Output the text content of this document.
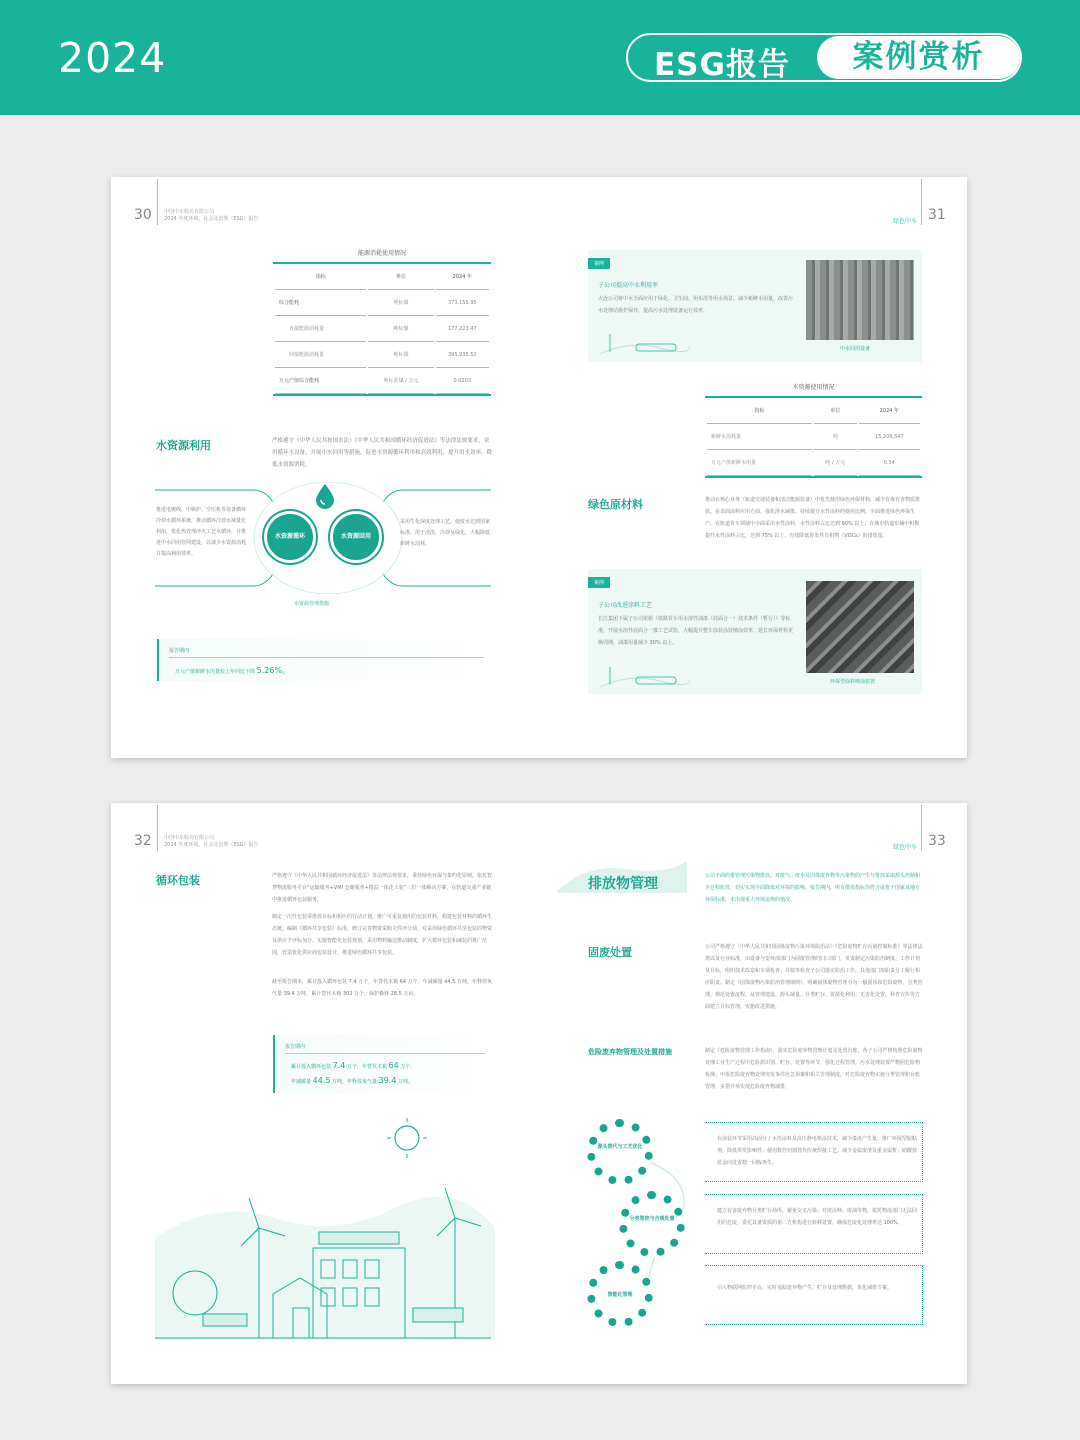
2024	ESG报告	案例赏析
30 中国中车股份有限公司
2024 年度环境、社会及治理（ESG）报告
能源消耗使用情况
指标	单位	2024 年
综合能耗	吨标煤	373,155.95
直接能源消耗量	吨标煤	177,223.47
间接能源消耗量	吨标煤	395,935.52
万元产值综合能耗	吨标准煤 / 万元	0.0203
水资源利用	严格遵守《中华人民共和国水法》《中华人民共和国循环经济促进法》等法律法规要求，采用循环水设备，开展中水回用等措施，促进水资源循环利用和高效利用，提升用水效率，降低水资源消耗。
推进电镀线、中频炉、空压机等设备循环冷却水循环系统，推动循环冷却水减量化利用，优化热处理淬火工艺水循环，并推进中水回用管网建设，以减少水资源消耗并提高利用效率。
水资源循环	水资源回用
采用生化深度处理工艺，使废水达到国家标准，用于清洗、冷却及绿化，大幅降低新鲜水消耗。
水资源管理措施
报告期内
万元产值新鲜水用量较上年同比下降 5.26%。
31
绿色中车
案例
子公司提高中水利用率
大连公司将中水全面应用于绿化、卫生间、用布洗等用水场景，减少新鲜水用量，改善污水处理站维护保养，提高污水处理设备运行效率。
中水回用设备
水资源使用情况
指标	单位	2024 年
新鲜水消耗量	吨	15,209,547
万元产值新鲜水用量	吨 / 万元	0.54
绿色原材料	推动在核心业务（轨道交通装备和清洁能源装备）中优先使用绿色环保材料，减少有毒有害物质排放。在表面涂料应用方面，强化涉水减排，持续提升水性涂料的使用比例，全面推进绿色环保生产。在轨道货车领域中全面采用水性涂料，水性涂料占比达到 90% 以上；在城市轨道车辆中积极提升水性涂料占比，达到 75% 以上，有效降低挥发性有机物（VOCs）的排放量。
案例
子公司改进涂料工艺
长江集团下属子公司依据《铁路货车用水溶性油漆（底面合一）技术条件（暂行）》等标准，开展水溶性底面合一漆工艺试验，大幅提升整车涂装涂装喷涂效率，延长环保材料更换周期，油漆用量减少 30% 以上。
环保型涂料喷涂装置
32 中国中车股份有限公司
2024 年度环境、社会及治理（ESG）报告
循环包装	严格遵守《中华人民共和国循环经济促进法》等法律法规要求，秉持绿色环保与集约化原则，依托智慧物流服务平台“运输服务+VMI 仓储服务+精益一体化工装”三位一体解决方案，在轨道交通产业链中推进循环包装服务。
制定一次性包装零排放目标和相应的行动计划，推广可重复使用的包装材料，构建包装材料的循环生态链。编制《循环共享包装》标准，修订完善物资采购文件评分项，对采用绿色循环共享包装的物资及供应予评标加分。实施智能化包装规划，采用物料输送推动制度，扩大循环包装和减装的推广范围，营造优化供应商包装设计，推进绿色循环共享包装。
截至报告期末，累计投入循环包装 7.4 万个，年替代木箱 64 万个，年减碳量 44.5 万吨，年释放氧气量 39.4 万吨，累计替代木箱 302 万个，保护森林 28.5 万亩。
报告期内
累计投入循环包装 7.4 万个，年替代木箱 64 万个，
年减碳量 44.5 万吨，年释放氧气量 39.4 万吨。
33
绿色中车
排放物管理	公司全面的重管理污染物排放，对废气、废水及固体废弃物等污染物的产生与排放采取源头控制和全过程监管，切实实现全面降低对环境的影响，报告期内，所有排放指标均符合或优于国家及地方环保标准，未出现重大环境违规的情况。
固废处置	公司严格遵守《中华人民共和国固体废物污染环境防治法》《危险废物贮存污染控制标准》等法律法规以及行业标准，由设备与安环部部门为固废管理的归口部门，负责制定污染防治制度、工作计划及目标，组织技术改造和专项检查；并按等检查子公司落实防治工作，其他部门按职责分工履行相应职责。制定《固体废物污染防治管理细则》，明确固体废物管理分为一般固体和危险废物，分类管理，规范处置流程。从管理建设、源头减量、分类贮存、资源化利用、无害化处置、科普宣传等方面建立目标管理，实施改进措施。
危险废弃物管理及处置措施	制定《危险废物管理工作指南》，落实危险废弃物管理计划及处置台账，各子公司严格按照危险废物处理工业生产过程中危险源识别、贮存、处置等环节，强化过程管理，污水处理装置严格照危险物检测；申报危险废弃物处理突发事件应急预案和相关管理制度，对危险废弃物实施分类管理和台账管理，多措并举实现危险废弃物减排。
源头替代与工艺优化
分类管控与合规处置
智能化管理
在涂装环节采用高固分 / 水性涂料及高压静电喷涂技术，减少漆渣产生量；推广环保型胶粘剂，降低挥发影响性；使用数控切割替代传统焊接工艺，减少金属废渣及重金属析；硝酸盐蓝金向处置精一回收再生。
建立有害废弃物分类贮存场所，避免交叉污染；对废涂料、废油等物，依托物流部门无法回用的危废，委托具备资质的第三方机构进行转移处置，确保危废化处理率达 100%。
引入物联网监控平台，实时追踪废弃物产生、贮存及处理数据，优化减排方案。
